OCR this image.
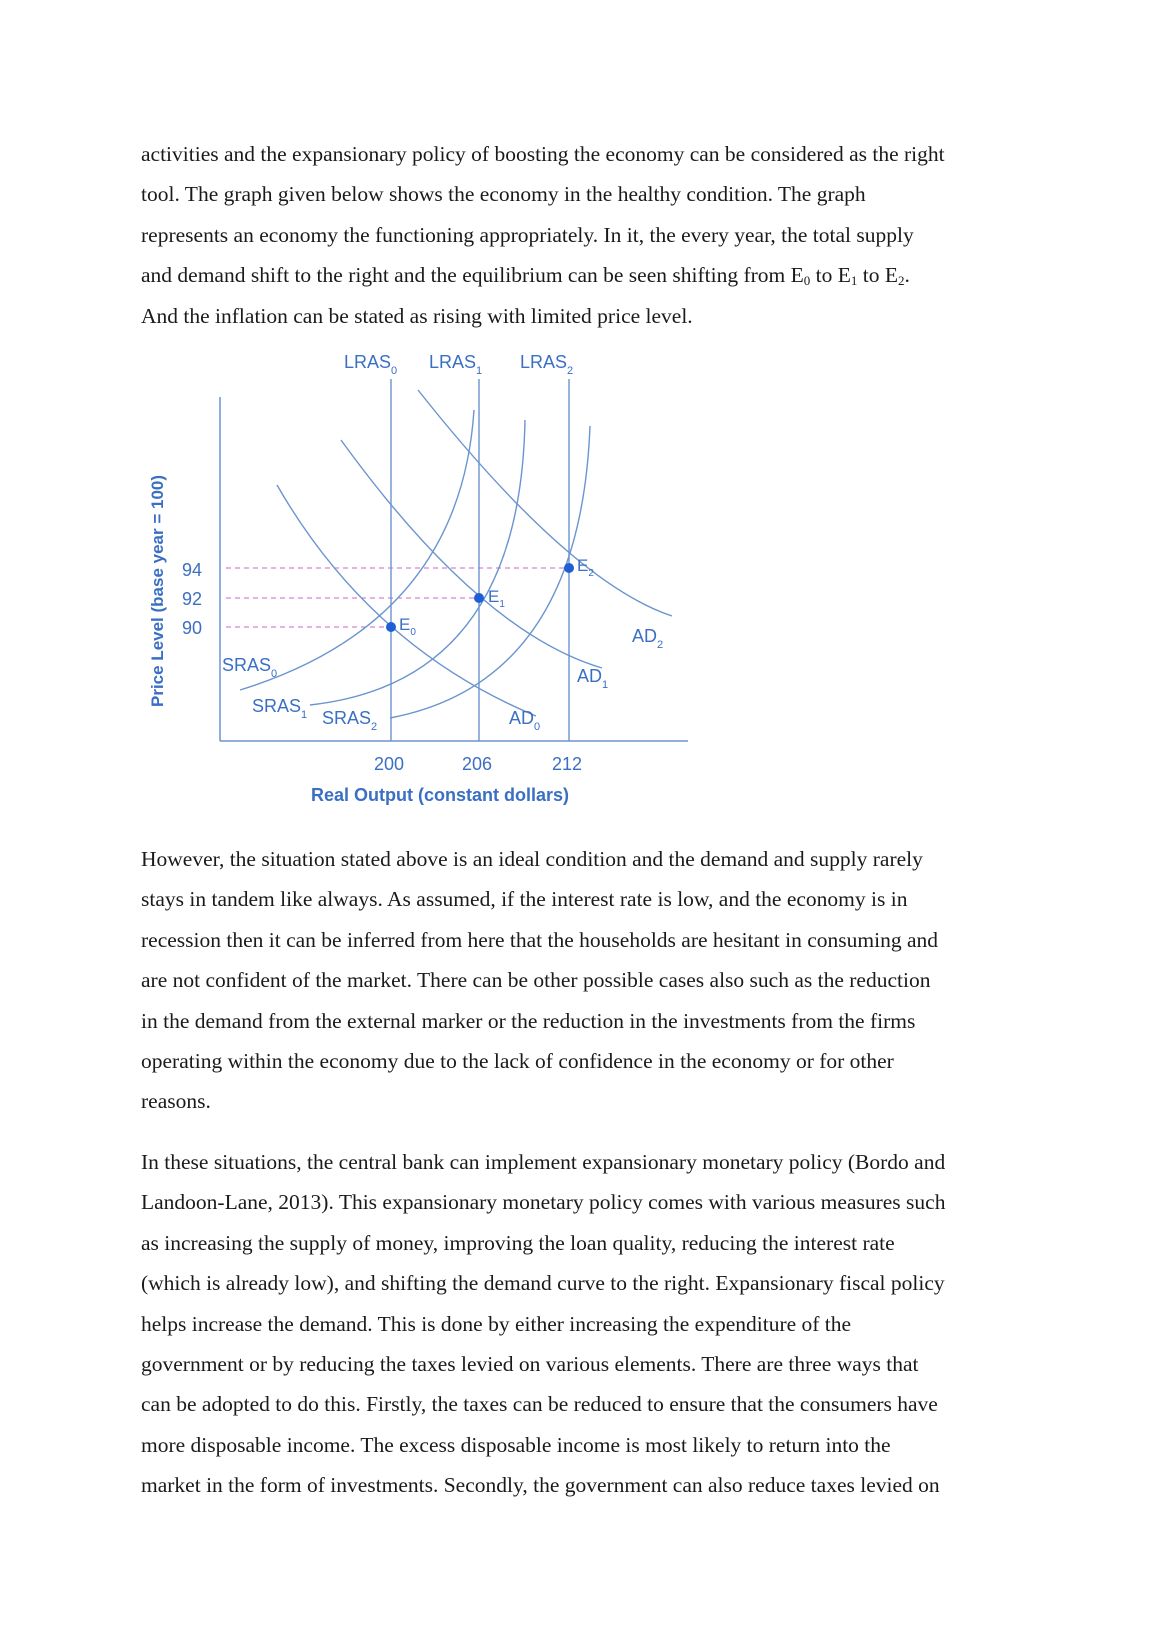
activities and the expansionary policy of boosting the economy can be considered as the right
tool. The graph given below shows the economy in the healthy condition. The graph
represents an economy the functioning appropriately. In it, the every year, the total supply
and demand shift to the right and the equilibrium can be seen shifting from $E_0$ to $E_1$ to $E_2$.
And the inflation can be stated as rising with limited price level.

$LRAS_0$ $LRAS_1$ $LRAS_2$
$E_0$
$E_1$
$E_2$
$SRAS_0$
$SRAS_1$ $SRAS_2$	$AD_0$
$AD_1$
$AD_2$
94
92
90
200	206	212
Real Output (constant dollars)
Price Level (base year = 100)

However, the situation stated above is an ideal condition and the demand and supply rarely
stays in tandem like always. As assumed, if the interest rate is low, and the economy is in
recession then it can be inferred from here that the households are hesitant in consuming and
are not confident of the market. There can be other possible cases also such as the reduction
in the demand from the external marker or the reduction in the investments from the firms
operating within the economy due to the lack of confidence in the economy or for other
reasons.

In these situations, the central bank can implement expansionary monetary policy (Bordo and
Landoon-Lane, 2013). This expansionary monetary policy comes with various measures such
as increasing the supply of money, improving the loan quality, reducing the interest rate
(which is already low), and shifting the demand curve to the right. Expansionary fiscal policy
helps increase the demand. This is done by either increasing the expenditure of the
government or by reducing the taxes levied on various elements. There are three ways that
can be adopted to do this. Firstly, the taxes can be reduced to ensure that the consumers have
more disposable income. The excess disposable income is most likely to return into the
market in the form of investments. Secondly, the government can also reduce taxes levied on
